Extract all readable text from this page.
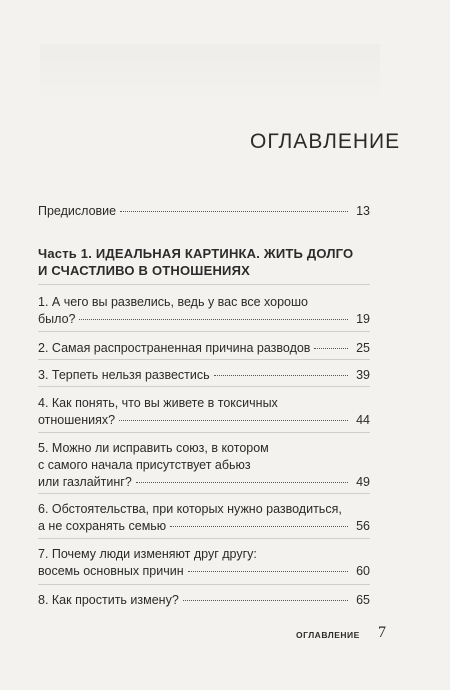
ОГЛАВЛЕНИЕ
Предисловие	13
Часть 1. ИДЕАЛЬНАЯ КАРТИНКА. ЖИТЬ ДОЛГО
И СЧАСТЛИВО В ОТНОШЕНИЯХ
1. А чего вы развелись, ведь у вас все хорошо
было?	19
2. Самая распространенная причина разводов	25
3. Терпеть нельзя развестись	39
4. Как понять, что вы живете в токсичных
отношениях?	44
5. Можно ли исправить союз, в котором
с самого начала присутствует абьюз
или газлайтинг?	49
6. Обстоятельства, при которых нужно разводиться,
а не сохранять семью	56
7. Почему люди изменяют друг другу:
восемь основных причин	60
8. Как простить измену?	65
ОГЛАВЛЕНИЕ 7
